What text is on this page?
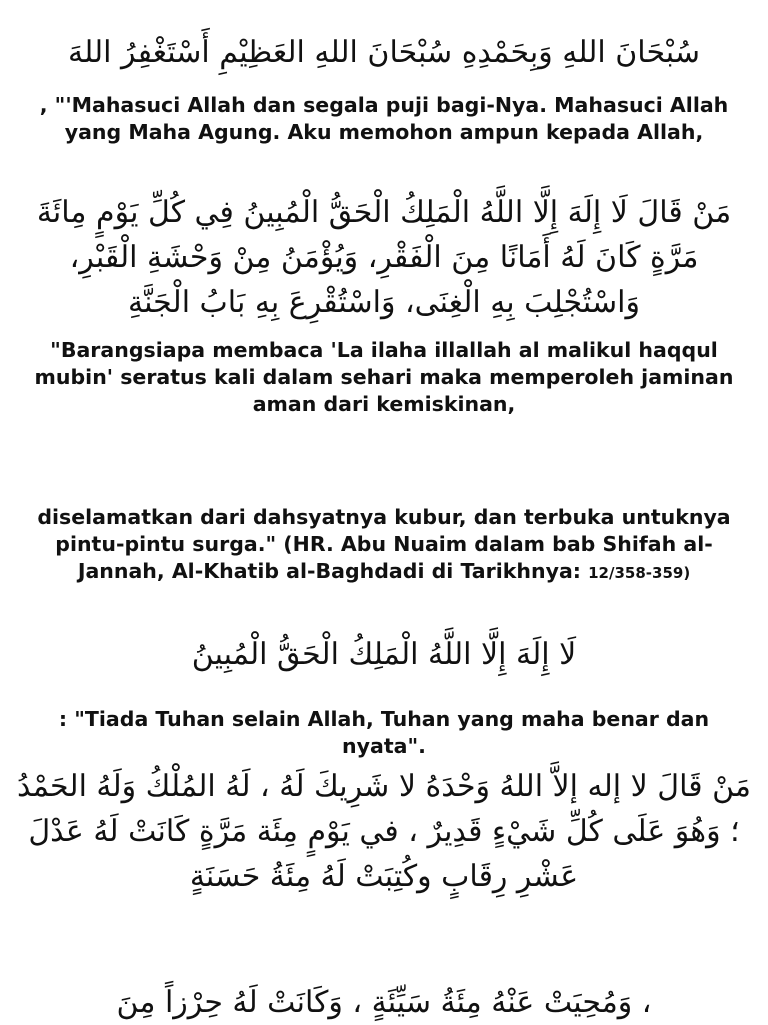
سُبْحَانَ اللهِ وَبِحَمْدِهِ سُبْحَانَ اللهِ العَظِيْمِ أَسْتَغْفِرُ اللهَ

, "'Mahasuci Allah dan segala puji bagi-Nya. Mahasuci Allah yang Maha Agung. Aku memohon ampun kepada Allah,

مَنْ قَالَ لَا إِلَهَ إِلَّا اللَّهُ الْمَلِكُ الْحَقُّ الْمُبِينُ فِي كُلِّ يَوْمٍ مِائَةَ مَرَّةٍ كَانَ لَهُ أَمَانًا مِنَ الْفَقْرِ، وَيُؤْمَنُ مِنْ وَحْشَةِ الْقَبْرِ، وَاسْتُجْلِبَ بِهِ الْغِنَى، وَاسْتُقْرِعَ بِهِ بَابُ الْجَنَّةِ

"Barangsiapa membaca 'La ilaha illallah al malikul haqqul mubin' seratus kali dalam sehari maka memperoleh jaminan aman dari kemiskinan,

diselamatkan dari dahsyatnya kubur, dan terbuka untuknya pintu-pintu surga." (HR. Abu Nuaim dalam bab Shifah al-Jannah, Al-Khatib al-Baghdadi di Tarikhnya: 12/358-359)

لَا إِلَهَ إِلَّا اللَّهُ الْمَلِكُ الْحَقُّ الْمُبِينُ

: "Tiada Tuhan selain Allah, Tuhan yang maha benar dan nyata".

مَنْ قَالَ لا إله إلاَّ اللهُ وَحْدَهُ لا شَرِيكَ لَهُ ، لَهُ المُلْكُ وَلَهُ الحَمْدُ ؛ وَهُوَ عَلَى كُلِّ شَيْءٍ قَدِيرٌ ، في يَوْمٍ مِئَة مَرَّةٍ كَانَتْ لَهُ عَدْلَ عَشْرِ رِقَابٍ وكُتِبَتْ لَهُ مِئَةُ حَسَنَةٍ

، وَمُحِيَتْ عَنْهُ مِئَةُ سَيِّئَةٍ ، وَكَانَتْ لَهُ حِرْزاً مِنَ
